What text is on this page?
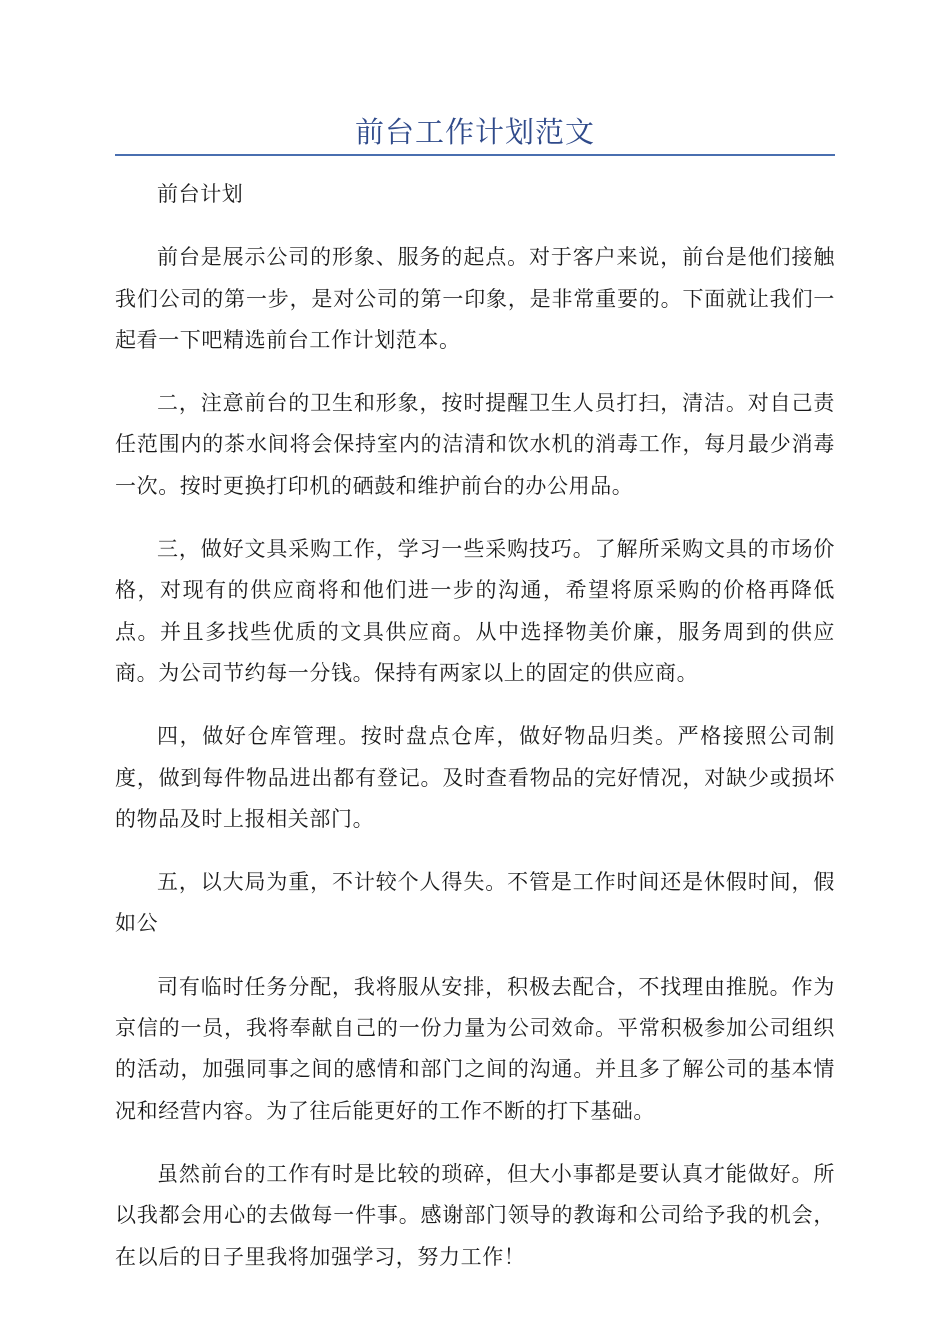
前台工作计划范文

前台计划

前台是展示公司的形象、服务的起点。对于客户来说，前台是他们接触我们公司的第一步，是对公司的第一印象，是非常重要的。下面就让我们一起看一下吧精选前台工作计划范本。

二，注意前台的卫生和形象，按时提醒卫生人员打扫，清洁。对自己责任范围内的茶水间将会保持室内的洁清和饮水机的消毒工作，每月最少消毒一次。按时更换打印机的硒鼓和维护前台的办公用品。

三，做好文具采购工作，学习一些采购技巧。了解所采购文具的市场价格，对现有的供应商将和他们进一步的沟通，希望将原采购的价格再降低点。并且多找些优质的文具供应商。从中选择物美价廉，服务周到的供应商。为公司节约每一分钱。保持有两家以上的固定的供应商。

四，做好仓库管理。按时盘点仓库，做好物品归类。严格接照公司制度，做到每件物品进出都有登记。及时查看物品的完好情况，对缺少或损坏的物品及时上报相关部门。

五，以大局为重，不计较个人得失。不管是工作时间还是休假时间，假如公

司有临时任务分配，我将服从安排，积极去配合，不找理由推脱。作为京信的一员，我将奉献自己的一份力量为公司效命。平常积极参加公司组织的活动，加强同事之间的感情和部门之间的沟通。并且多了解公司的基本情况和经营内容。为了往后能更好的工作不断的打下基础。

虽然前台的工作有时是比较的琐碎，但大小事都是要认真才能做好。所以我都会用心的去做每一件事。感谢部门领导的教诲和公司给予我的机会，在以后的日子里我将加强学习，努力工作！
